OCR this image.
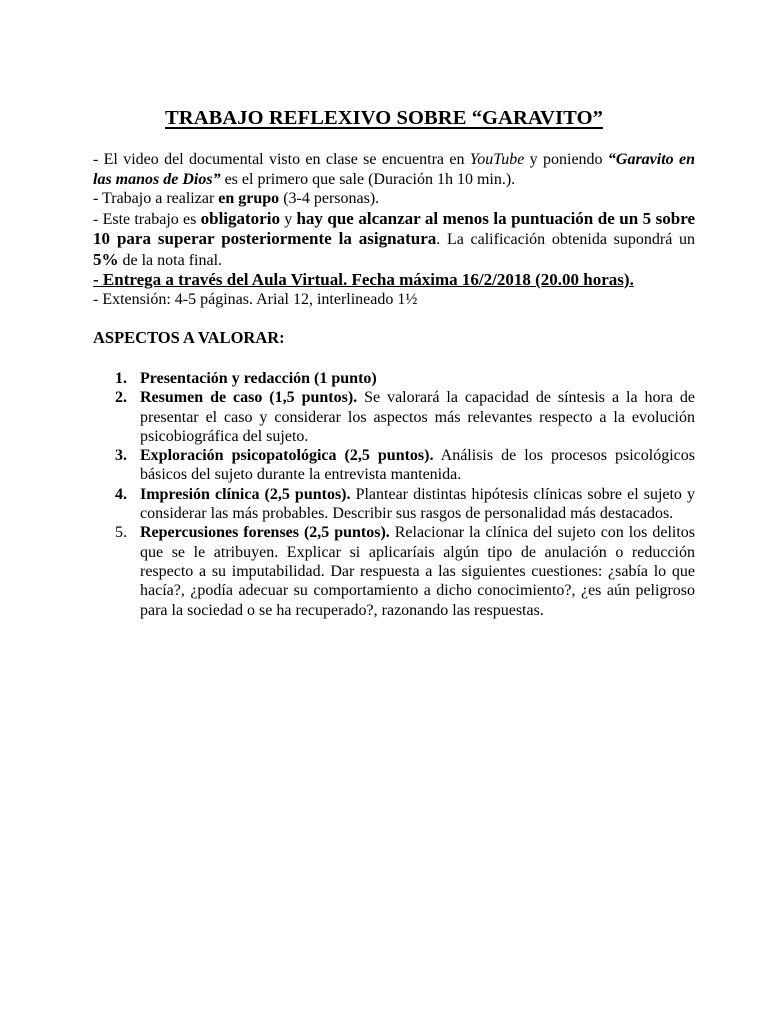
TRABAJO REFLEXIVO SOBRE “GARAVITO”

- El video del documental visto en clase se encuentra en YouTube y poniendo “Garavito en las manos de Dios” es el primero que sale (Duración 1h 10 min.).

- Trabajo a realizar en grupo (3-4 personas).

- Este trabajo es obligatorio y hay que alcanzar al menos la puntuación de un 5 sobre 10 para superar posteriormente la asignatura. La calificación obtenida supondrá un 5% de la nota final.

- Entrega a través del Aula Virtual. Fecha máxima 16/2/2018 (20.00 horas).

- Extensión: 4-5 páginas. Arial 12, interlineado 1½

ASPECTOS A VALORAR:
1. Presentación y redacción (1 punto)
2. Resumen de caso (1,5 puntos). Se valorará la capacidad de síntesis a la hora de presentar el caso y considerar los aspectos más relevantes respecto a la evolución psicobiográfica del sujeto.
3. Exploración psicopatológica (2,5 puntos). Análisis de los procesos psicológicos básicos del sujeto durante la entrevista mantenida.
4. Impresión clínica (2,5 puntos). Plantear distintas hipótesis clínicas sobre el sujeto y considerar las más probables. Describir sus rasgos de personalidad más destacados.
5. Repercusiones forenses (2,5 puntos). Relacionar la clínica del sujeto con los delitos que se le atribuyen. Explicar si aplicaríais algún tipo de anulación o reducción respecto a su imputabilidad. Dar respuesta a las siguientes cuestiones: ¿sabía lo que hacía?, ¿podía adecuar su comportamiento a dicho conocimiento?, ¿es aún peligroso para la sociedad o se ha recuperado?, razonando las respuestas.
